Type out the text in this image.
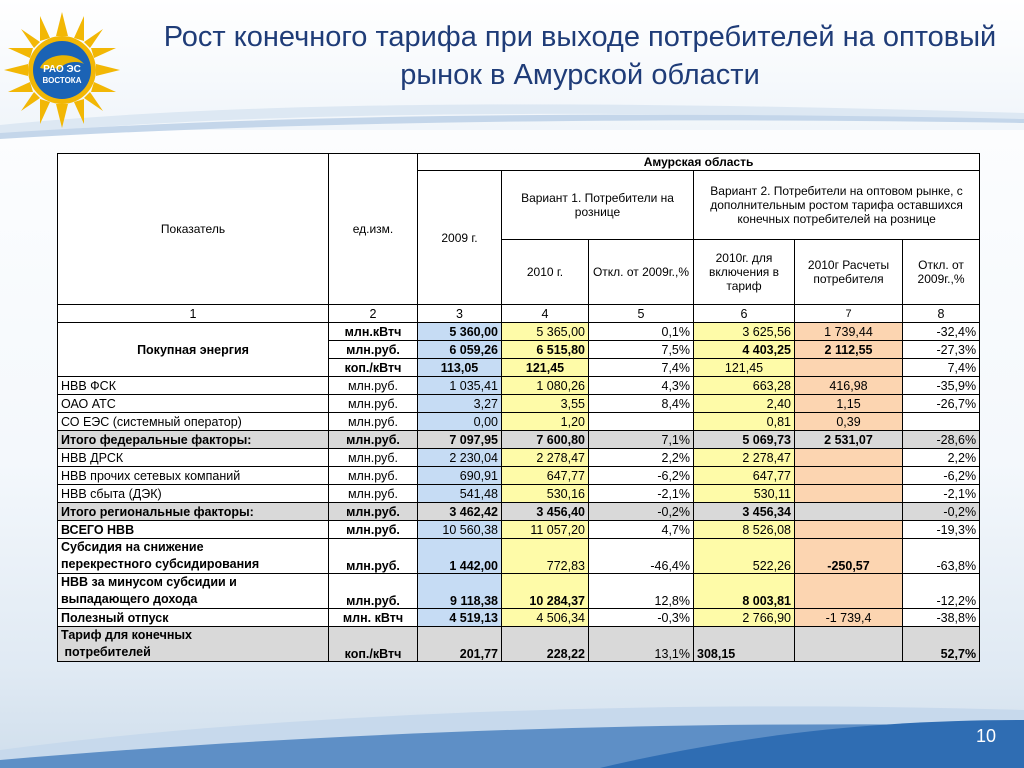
РАО ЭС
ВОСТОКА
Рост конечного тарифа при выходе потребителей на оптовый рынок в Амурской области
Показатель	ед.изм.	Амурская область					
		2009 г.	Вариант 1. Потребители на рознице		Вариант 2. Потребители на оптовом рынке, с дополнительным ростом тарифа оставшихся конечных потребителей на рознице		
			2010 г.	Откл. от 2009г.,%	2010г. для включения в тариф	2010г Расчеты потребителя	Откл. от 2009г.,%
1	2	3	4	5	6	7	8
Покупная энергия	млн.кВтч	5 360,00	5 365,00	0,1%	3 625,56	1 739,44	-32,4%
	млн.руб.	6 059,26	6 515,80	7,5%	4 403,25	2 112,55	-27,3%
	коп./кВтч	113,05	121,45	7,4%	121,45		7,4%
НВВ ФСК	млн.руб.	1 035,41	1 080,26	4,3%	663,28	416,98	-35,9%
ОАО АТС	млн.руб.	3,27	3,55	8,4%	2,40	1,15	-26,7%
СО ЕЭС (системный оператор)	млн.руб.	0,00	1,20		0,81	0,39	
Итого федеральные факторы:	млн.руб.	7 097,95	7 600,80	7,1%	5 069,73	2 531,07	-28,6%
НВВ ДРСК	млн.руб.	2 230,04	2 278,47	2,2%	2 278,47		2,2%
НВВ прочих сетевых компаний	млн.руб.	690,91	647,77	-6,2%	647,77		-6,2%
НВВ сбыта (ДЭК)	млн.руб.	541,48	530,16	-2,1%	530,11		-2,1%
Итого региональные факторы:	млн.руб.	3 462,42	3 456,40	-0,2%	3 456,34		-0,2%
ВСЕГО НВВ	млн.руб.	10 560,38	11 057,20	4,7%	8 526,08		-19,3%
Субсидия на снижение
перекрестного субсидирования	млн.руб.	1 442,00	772,83	-46,4%	522,26	-250,57	-63,8%
НВВ за минусом субсидии и
выпадающего дохода	млн.руб.	9 118,38	10 284,37	12,8%	8 003,81		-12,2%
Полезный отпуск	млн. кВтч	4 519,13	4 506,34	-0,3%	2 766,90	-1 739,4	-38,8%
Тариф для конечных
потребителей	коп./кВтч	201,77	228,22	13,1%	308,15		52,7%
10
